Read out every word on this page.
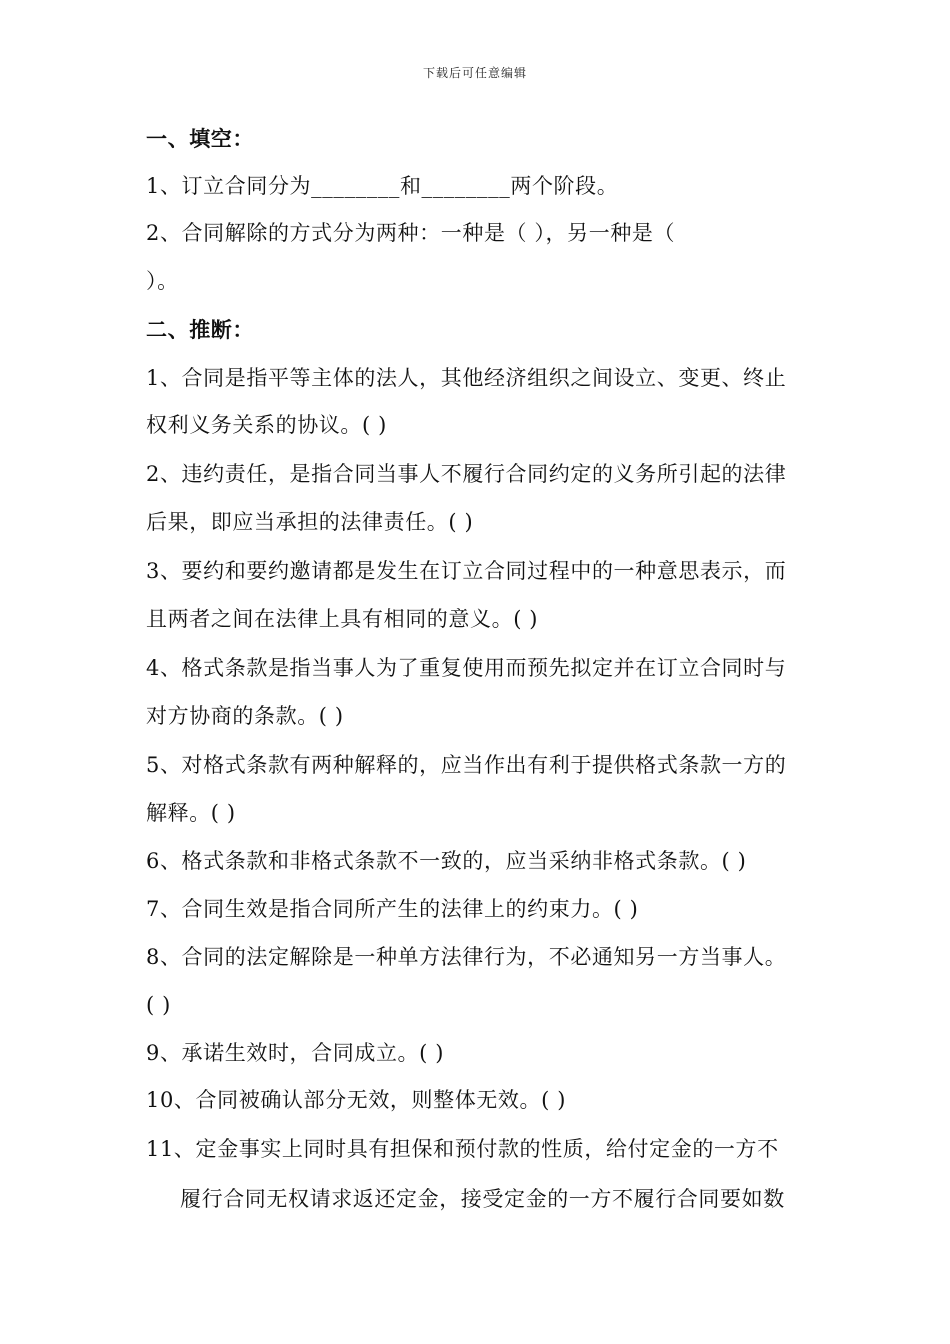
下载后可任意编辑
一、填空：
1、订立合同分为________和________两个阶段。
2、合同解除的方式分为两种：一种是（ ），另一种是（
）。
二、推断：
1、合同是指平等主体的法人，其他经济组织之间设立、变更、终止
权利义务关系的协议。( )
2、违约责任，是指合同当事人不履行合同约定的义务所引起的法律
后果，即应当承担的法律责任。( )
3、要约和要约邀请都是发生在订立合同过程中的一种意思表示，而
且两者之间在法律上具有相同的意义。( )
4、格式条款是指当事人为了重复使用而预先拟定并在订立合同时与
对方协商的条款。( )
5、对格式条款有两种解释的，应当作出有利于提供格式条款一方的
解释。( )
6、格式条款和非格式条款不一致的，应当采纳非格式条款。( )
7、合同生效是指合同所产生的法律上的约束力。( )
8、合同的法定解除是一种单方法律行为，不必通知另一方当事人。
( )
9、承诺生效时，合同成立。( )
10、合同被确认部分无效，则整体无效。( )
11、定金事实上同时具有担保和预付款的性质，给付定金的一方不
履行合同无权请求返还定金，接受定金的一方不履行合同要如数
